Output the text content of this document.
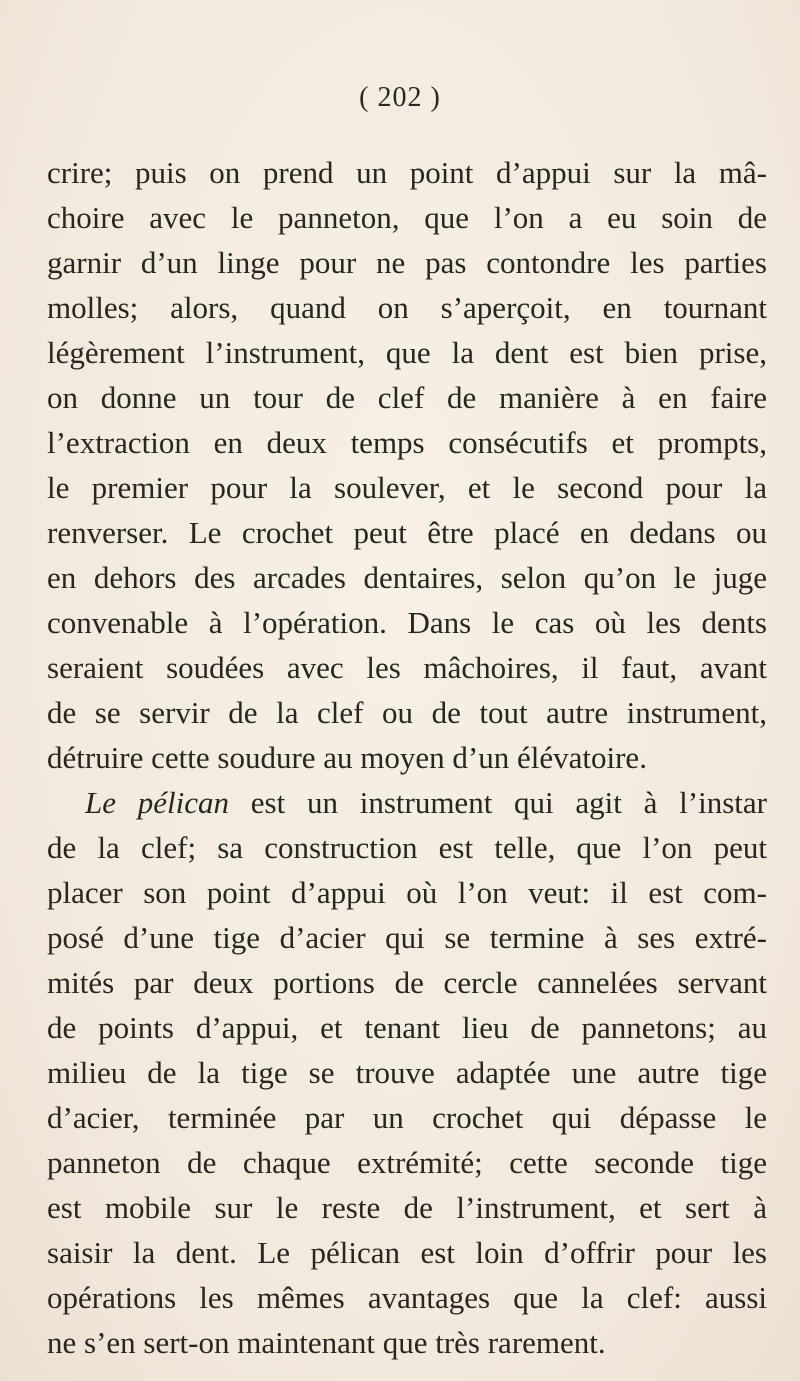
( 202 )
crire; puis on prend un point d’appui sur la mâ-
choire avec le panneton, que l’on a eu soin de
garnir d’un linge pour ne pas contondre les parties
molles; alors, quand on s’aperçoit, en tournant
légèrement l’instrument, que la dent est bien prise,
on donne un tour de clef de manière à en faire
l’extraction en deux temps consécutifs et prompts,
le premier pour la soulever, et le second pour la
renverser. Le crochet peut être placé en dedans ou
en dehors des arcades dentaires, selon qu’on le juge
convenable à l’opération. Dans le cas où les dents
seraient soudées avec les mâchoires, il faut, avant
de se servir de la clef ou de tout autre instrument,
détruire cette soudure au moyen d’un élévatoire.
Le pélican est un instrument qui agit à l’instar
de la clef; sa construction est telle, que l’on peut
placer son point d’appui où l’on veut: il est com-
posé d’une tige d’acier qui se termine à ses extré-
mités par deux portions de cercle cannelées servant
de points d’appui, et tenant lieu de pannetons; au
milieu de la tige se trouve adaptée une autre tige
d’acier, terminée par un crochet qui dépasse le
panneton de chaque extrémité; cette seconde tige
est mobile sur le reste de l’instrument, et sert à
saisir la dent. Le pélican est loin d’offrir pour les
opérations les mêmes avantages que la clef: aussi
ne s’en sert-on maintenant que très rarement.
